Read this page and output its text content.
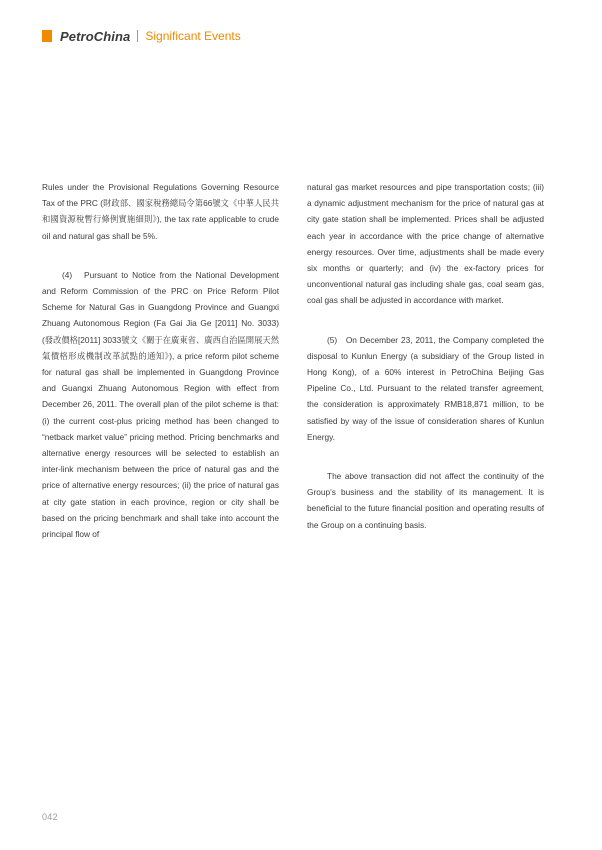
PetroChina Significant Events

Rules under the Provisional Regulations Governing Resource Tax of the PRC (財政部、國家稅務總局令第66號文《中華人民共和國資源稅暫行條例實施細則》), the tax rate applicable to crude oil and natural gas shall be 5%.

(4)   Pursuant to Notice from the National Development and Reform Commission of the PRC on Price Reform Pilot Scheme for Natural Gas in Guangdong Province and Guangxi Zhuang Autonomous Region (Fa Gai Jia Ge [2011] No. 3033) (發改價格[2011] 3033號文《關于在廣東省、廣西自治區開展天然氣價格形成機制改革試點的通知》), a price reform pilot scheme for natural gas shall be implemented in Guangdong Province and Guangxi Zhuang Autonomous Region with effect from December 26, 2011. The overall plan of the pilot scheme is that: (i) the current cost-plus pricing method has been changed to “netback market value” pricing method. Pricing benchmarks and alternative energy resources will be selected to establish an inter-link mechanism between the price of natural gas and the price of alternative energy resources; (ii) the price of natural gas at city gate station in each province, region or city shall be based on the pricing benchmark and shall take into account the principal flow of

natural gas market resources and pipe transportation costs; (iii) a dynamic adjustment mechanism for the price of natural gas at city gate station shall be implemented. Prices shall be adjusted each year in accordance with the price change of alternative energy resources. Over time, adjustments shall be made every six months or quarterly; and (iv) the ex-factory prices for unconventional natural gas including shale gas, coal seam gas, coal gas shall be adjusted in accordance with market.

(5)   On December 23, 2011, the Company completed the disposal to Kunlun Energy (a subsidiary of the Group listed in Hong Kong), of a 60% interest in PetroChina Beijing Gas Pipeline Co., Ltd. Pursuant to the related transfer agreement, the consideration is approximately RMB18,871 million, to be satisfied by way of the issue of consideration shares of Kunlun Energy.

The above transaction did not affect the continuity of the Group’s business and the stability of its management. It is beneficial to the future financial position and operating results of the Group on a continuing basis.

042
